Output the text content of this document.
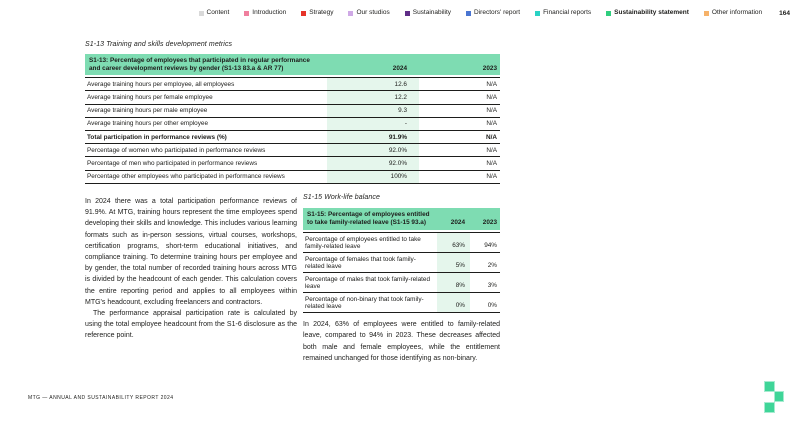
Content	Introduction	Strategy	Our studios	Sustainability	Directors' report	Financial reports	Sustainability statement	Other information	164
S1-13 Training and skills development metrics
S1-13: Percentage of employees that participated in regular performance and career development reviews by gender (S1-13 83.a & AR 77)	2024	2023
Average training hours per employee, all employees	12.6	N/A
Average training hours per female employee	12.2	N/A
Average training hours per male employee	9.3	N/A
Average training hours per other employee	-	N/A
Total participation in performance reviews (%)	91.9%	N/A
Percentage of women who participated in performance reviews	92.0%	N/A
Percentage of men who participated in performance reviews	92.0%	N/A
Percentage other employees who participated in performance reviews	100%	N/A

In 2024 there was a total participation performance reviews of 91.9%. At MTG, training hours represent the time employees spend developing their skills and knowledge. This includes various learning formats such as in-person sessions, virtual courses, workshops, certification programs, short-term educational initiatives, and compliance training. To determine training hours per employee and by gender, the total number of recorded training hours across MTG is divided by the headcount of each gender. This calculation covers the entire reporting period and applies to all employees within MTG's headcount, excluding freelancers and contractors.

The performance appraisal participation rate is calculated by using the total employee headcount from the S1-6 disclosure as the reference point.

S1-15 Work-life balance
S1-15: Percentage of employees entitled to take family-related leave (S1-15 93.a)	2024	2023
Percentage of employees entitled to take family-related leave	63%	94%
Percentage of females that took family-related leave	5%	2%
Percentage of males that took family-related leave	8%	3%
Percentage of non-binary that took family-related leave	0%	0%

In 2024, 63% of employees were entitled to family-related leave, compared to 94% in 2023. These decreases affected both male and female employees, while the entitlement remained unchanged for those identifying as non-binary.

MTG — ANNUAL AND SUSTAINABILITY REPORT 2024
